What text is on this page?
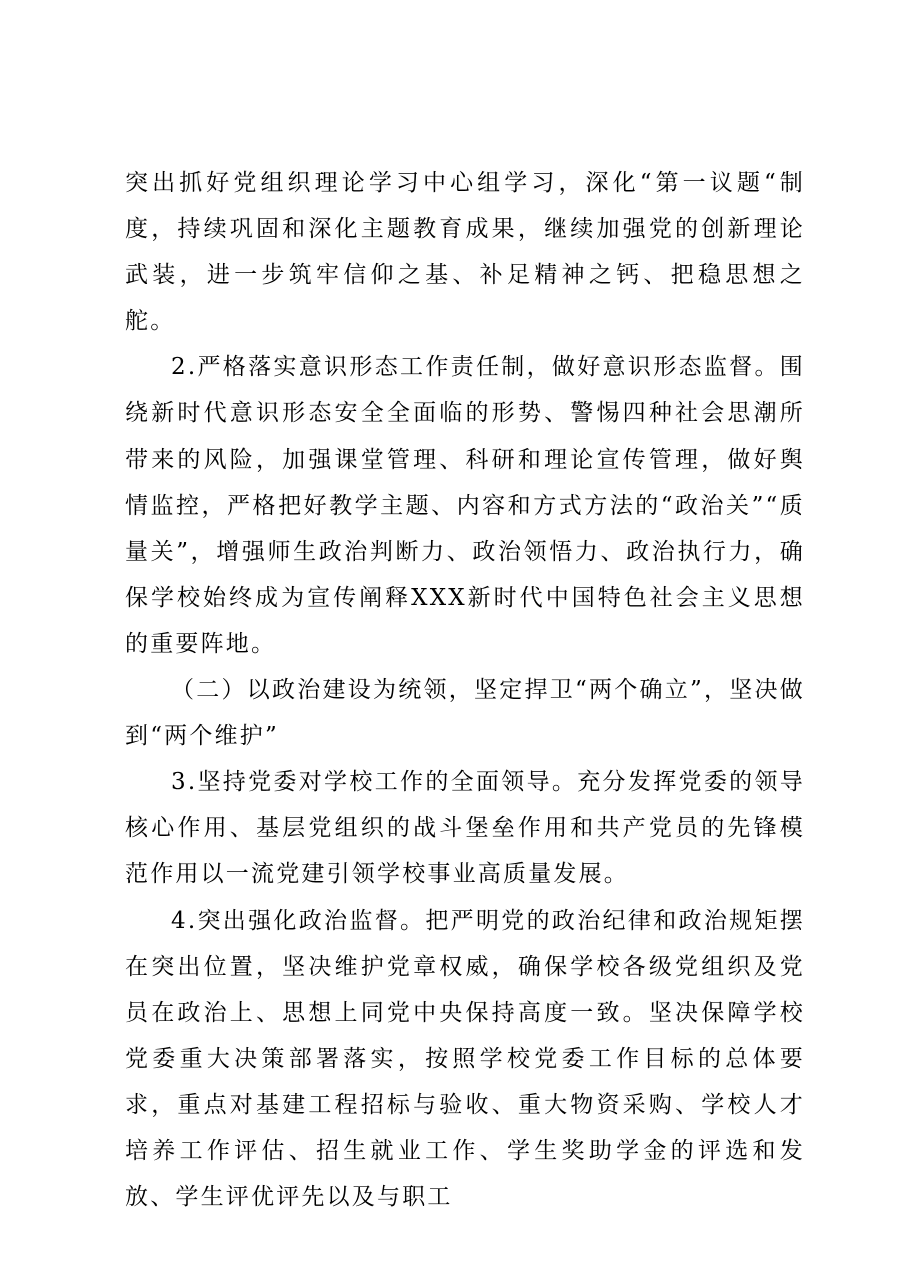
突出抓好党组织理论学习中心组学习，深化“第一议题“制度，持续巩固和深化主题教育成果，继续加强党的创新理论武装，进一步筑牢信仰之基、补足精神之钙、把稳思想之舵。

2.严格落实意识形态工作责任制，做好意识形态监督。围绕新时代意识形态安全全面临的形势、警惕四种社会思潮所带来的风险，加强课堂管理、科研和理论宣传管理，做好舆情监控，严格把好教学主题、内容和方式方法的“政治关”“质量关”，增强师生政治判断力、政治领悟力、政治执行力，确保学校始终成为宣传阐释XXX新时代中国特色社会主义思想的重要阵地。

（二）以政治建设为统领，坚定捍卫“两个确立”，坚决做到“两个维护”

3.坚持党委对学校工作的全面领导。充分发挥党委的领导核心作用、基层党组织的战斗堡垒作用和共产党员的先锋模范作用以一流党建引领学校事业高质量发展。

4.突出强化政治监督。把严明党的政治纪律和政治规矩摆在突出位置，坚决维护党章权威，确保学校各级党组织及党员在政治上、思想上同党中央保持高度一致。坚决保障学校党委重大决策部署落实，按照学校党委工作目标的总体要求，重点对基建工程招标与验收、重大物资采购、学校人才培养工作评估、招生就业工作、学生奖助学金的评选和发放、学生评优评先以及与职工
